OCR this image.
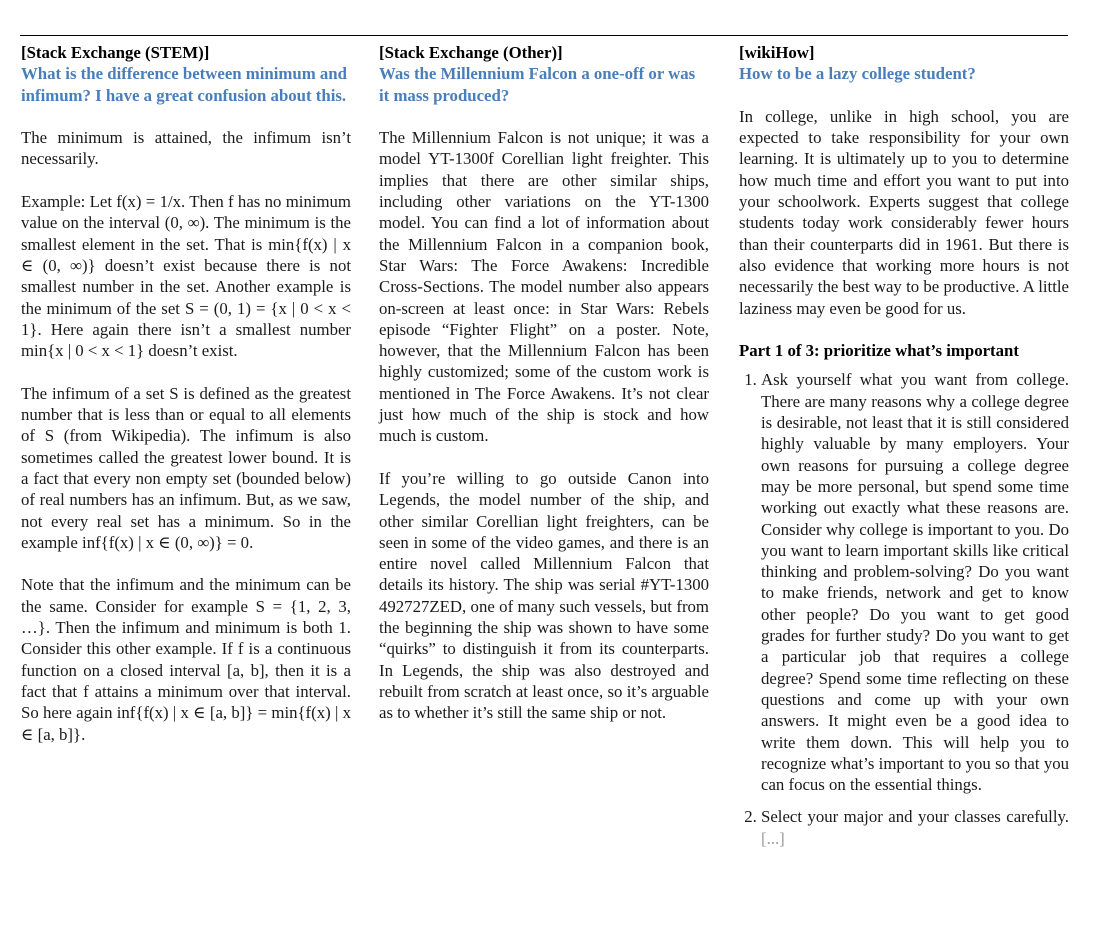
[Stack Exchange (STEM)]
What is the difference between minimum and infimum? I have a great confusion about this.

The minimum is attained, the infimum isn’t necessarily.

Example: Let f(x) = 1/x. Then f has no minimum value on the interval (0, ∞). The minimum is the smallest element in the set. That is min{f(x) | x ∈ (0, ∞)} doesn’t exist because there is not smallest number in the set. Another example is the minimum of the set S = (0, 1) = {x | 0 < x < 1}. Here again there isn’t a smallest number min{x | 0 < x < 1} doesn’t exist.

The infimum of a set S is defined as the greatest number that is less than or equal to all elements of S (from Wikipedia). The infimum is also sometimes called the greatest lower bound. It is a fact that every non empty set (bounded below) of real numbers has an infimum. But, as we saw, not every real set has a minimum. So in the example inf{f(x) | x ∈ (0, ∞)} = 0.

Note that the infimum and the minimum can be the same. Consider for example S = {1, 2, 3, …}. Then the infimum and minimum is both 1. Consider this other example. If f is a continuous function on a closed interval [a, b], then it is a fact that f attains a minimum over that interval. So here again inf{f(x) | x ∈ [a, b]} = min{f(x) | x ∈ [a, b]}.

[Stack Exchange (Other)]
Was the Millennium Falcon a one-off or was it mass produced?

The Millennium Falcon is not unique; it was a model YT-1300f Corellian light freighter. This implies that there are other similar ships, including other variations on the YT-1300 model. You can find a lot of information about the Millennium Falcon in a companion book, Star Wars: The Force Awakens: Incredible Cross-Sections. The model number also appears on-screen at least once: in Star Wars: Rebels episode “Fighter Flight” on a poster. Note, however, that the Millennium Falcon has been highly customized; some of the custom work is mentioned in The Force Awakens. It’s not clear just how much of the ship is stock and how much is custom.

If you’re willing to go outside Canon into Legends, the model number of the ship, and other similar Corellian light freighters, can be seen in some of the video games, and there is an entire novel called Millennium Falcon that details its history. The ship was serial #YT-1300 492727ZED, one of many such vessels, but from the beginning the ship was shown to have some “quirks” to distinguish it from its counterparts. In Legends, the ship was also destroyed and rebuilt from scratch at least once, so it’s arguable as to whether it’s still the same ship or not.

[wikiHow]
How to be a lazy college student?

In college, unlike in high school, you are expected to take responsibility for your own learning. It is ultimately up to you to determine how much time and effort you want to put into your schoolwork. Experts suggest that college students today work considerably fewer hours than their counterparts did in 1961. But there is also evidence that working more hours is not necessarily the best way to be productive. A little laziness may even be good for us.

Part 1 of 3: prioritize what’s important
1. Ask yourself what you want from college. There are many reasons why a college degree is desirable, not least that it is still considered highly valuable by many employers. Your own reasons for pursuing a college degree may be more personal, but spend some time working out exactly what these reasons are. Consider why college is important to you. Do you want to learn important skills like critical thinking and problem-solving? Do you want to make friends, network and get to know other people? Do you want to get good grades for further study? Do you want to get a particular job that requires a college degree? Spend some time reflecting on these questions and come up with your own answers. It might even be a good idea to write them down. This will help you to recognize what’s important to you so that you can focus on the essential things.
2. Select your major and your classes carefully. [...]
